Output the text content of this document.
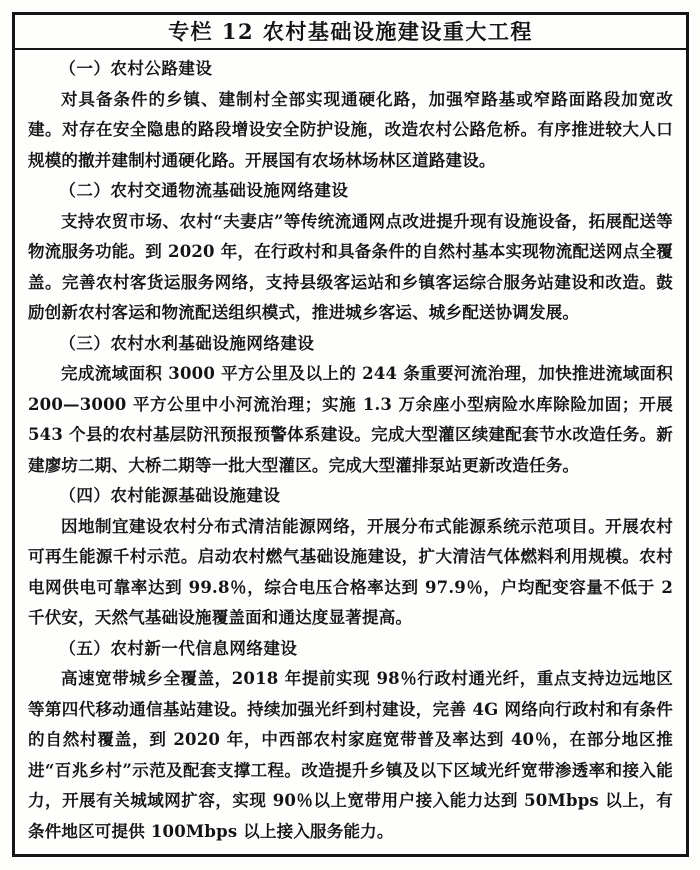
专栏 12 农村基础设施建设重大工程
（一）农村公路建设

对具备条件的乡镇、建制村全部实现通硬化路，加强窄路基或窄路面路段加宽改建。对存在安全隐患的路段增设安全防护设施，改造农村公路危桥。有序推进较大人口规模的撤并建制村通硬化路。开展国有农场林场林区道路建设。

（二）农村交通物流基础设施网络建设

支持农贸市场、农村“夫妻店”等传统流通网点改进提升现有设施设备，拓展配送等物流服务功能。到 2020 年，在行政村和具备条件的自然村基本实现物流配送网点全覆盖。完善农村客货运服务网络，支持县级客运站和乡镇客运综合服务站建设和改造。鼓励创新农村客运和物流配送组织模式，推进城乡客运、城乡配送协调发展。

（三）农村水利基础设施网络建设

完成流域面积 3000 平方公里及以上的 244 条重要河流治理，加快推进流域面积 200—3000 平方公里中小河流治理；实施 1.3 万余座小型病险水库除险加固；开展 543 个县的农村基层防汛预报预警体系建设。完成大型灌区续建配套节水改造任务。新建廖坊二期、大桥二期等一批大型灌区。完成大型灌排泵站更新改造任务。

（四）农村能源基础设施建设

因地制宜建设农村分布式清洁能源网络，开展分布式能源系统示范项目。开展农村可再生能源千村示范。启动农村燃气基础设施建设，扩大清洁气体燃料利用规模。农村电网供电可靠率达到 99.8％，综合电压合格率达到 97.9％，户均配变容量不低于 2 千伏安，天然气基础设施覆盖面和通达度显著提高。

（五）农村新一代信息网络建设

高速宽带城乡全覆盖，2018 年提前实现 98％行政村通光纤，重点支持边远地区等第四代移动通信基站建设。持续加强光纤到村建设，完善 4G 网络向行政村和有条件的自然村覆盖，到 2020 年，中西部农村家庭宽带普及率达到 40％，在部分地区推进“百兆乡村”示范及配套支撑工程。改造提升乡镇及以下区域光纤宽带渗透率和接入能力，开展有关城域网扩容，实现 90％以上宽带用户接入能力达到 50Mbps 以上，有条件地区可提供 100Mbps 以上接入服务能力。
